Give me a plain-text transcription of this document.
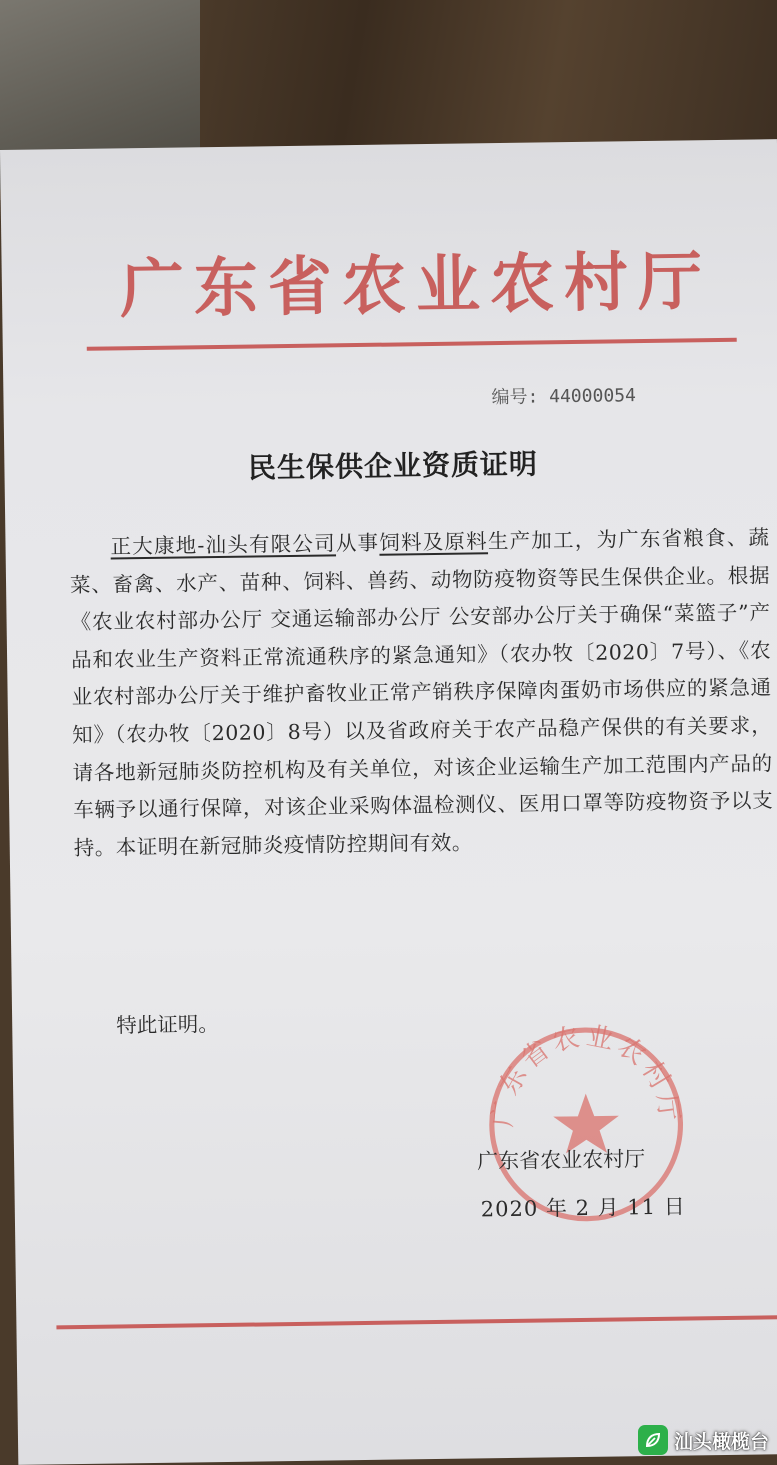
广东省农业农村厅
编号: 44000054
民生保供企业资质证明
正大康地-汕头有限公司从事饲料及原料生产加工，为广东省粮食、蔬菜、畜禽、水产、苗种、饲料、兽药、动物防疫物资等民生保供企业。根据《农业农村部办公厅 交通运输部办公厅 公安部办公厅关于确保“菜篮子”产品和农业生产资料正常流通秩序的紧急通知》（农办牧〔2020〕7号）、《农业农村部办公厅关于维护畜牧业正常产销秩序保障肉蛋奶市场供应的紧急通知》（农办牧〔2020〕8号）以及省政府关于农产品稳产保供的有关要求，请各地新冠肺炎防控机构及有关单位，对该企业运输生产加工范围内产品的车辆予以通行保障，对该企业采购体温检测仪、医用口罩等防疫物资予以支持。本证明在新冠肺炎疫情防控期间有效。
特此证明。
广东省农业农村厅
广东省农业农村厅
2020 年 2 月 11 日
汕头橄榄台
